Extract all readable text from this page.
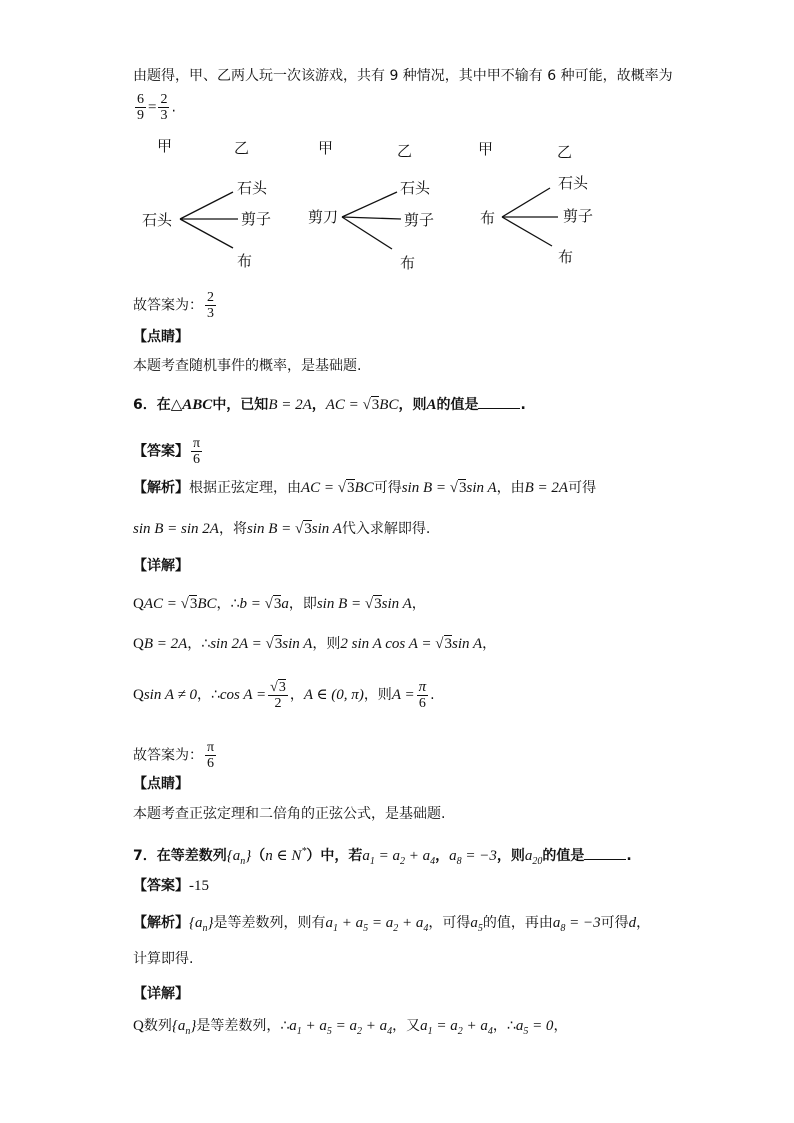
由题得，甲、乙两人玩一次该游戏，共有 9 种情况，其中甲不输有 6 种可能，故概率为
$\frac{6}{9} = \frac{2}{3}$ .
甲	乙
石头
石头
剪子
布
甲	乙
剪刀
石头
剪子
布
甲	乙
布
石头
剪子
布
故答案为： $\frac{2}{3}$
【点睛】
本题考查随机事件的概率，是基础题.
6．在△ABC中，已知B = 2A，AC = √3BC，则A的值是	.
【答案】 $\frac{\pi}{6}$
【解析】根据正弦定理，由AC = √3BC可得sin B = √3sin A，由B = 2A可得
sin B = sin 2A，将sin B = √3sin A代入求解即得.
【详解】
QAC = √3BC，∴b = √3a，即sin B = √3sin A，
QB = 2A，∴sin 2A = √3sin A，则2 sin A cos A = √3sin A，
Qsin A ≠ 0，∴cos $A = \frac{√3}{2}$ ，A ∈ (0, π)，则$A = \frac{\pi}{6}$ .
故答案为： $\frac{\pi}{6}$
【点睛】
本题考查正弦定理和二倍角的正弦公式，是基础题.
7．在等差数列$\{a_n\}(n$ ∈ N*）中，若$a_1 = a_2 + a_4$，$a_8 = -3$，则$a_{20}$的值是	.
【答案】-15
【解析】$\{a_n\}$是等差数列，则有$a_1 + a_5 = a_2 + a_4$，可得$a_5$的值，再由$a_8 = -3$可得d，
计算即得.
【详解】
Q数列$\{a_n\}$是等差数列，$\therefore a_1 + a_5 = a_2 + a_4$，又$a_1 = a_2 + a_4$，$\therefore a_5 = 0$，
